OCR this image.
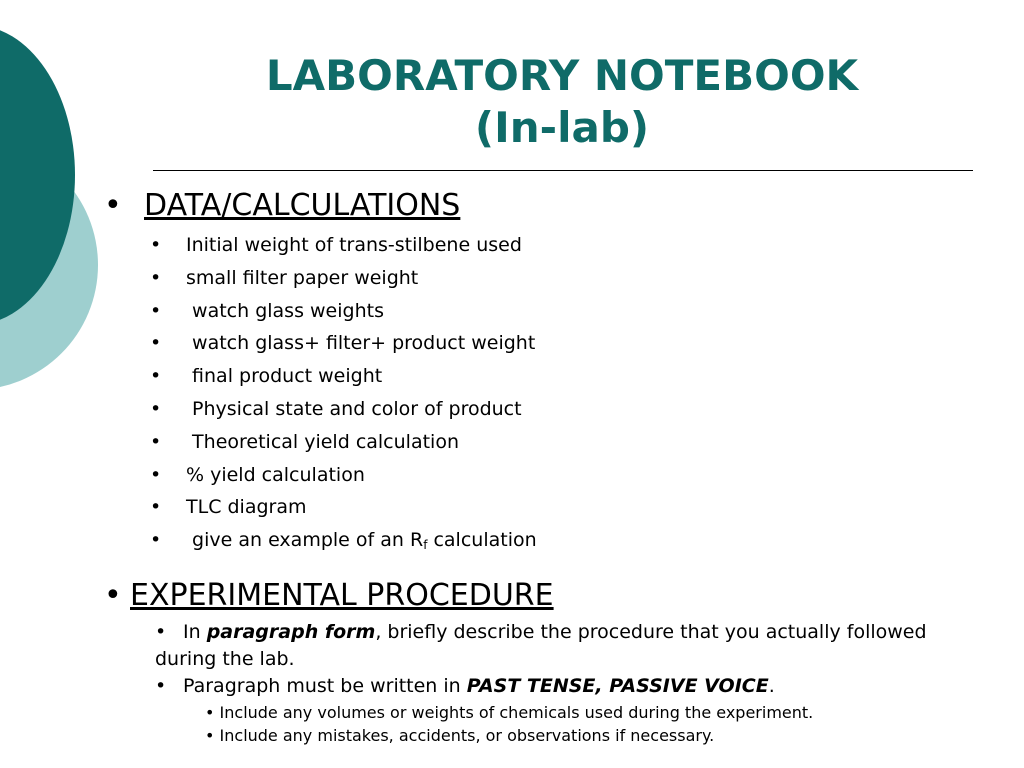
LABORATORY NOTEBOOK
(In-lab)
• DATA/CALCULATIONS
• Initial weight of trans-stilbene used
• small filter paper weight
• watch glass weights
• watch glass+ filter+ product weight
• final product weight
• Physical state and color of product
• Theoretical yield calculation
• % yield calculation
• TLC diagram
• give an example of an $R_f$ calculation
• EXPERIMENTAL PROCEDURE
• In paragraph form, briefly describe the procedure that you actually followed during the lab.
• Paragraph must be written in PAST TENSE, PASSIVE VOICE.
• Include any volumes or weights of chemicals used during the experiment.
• Include any mistakes, accidents, or observations if necessary.
